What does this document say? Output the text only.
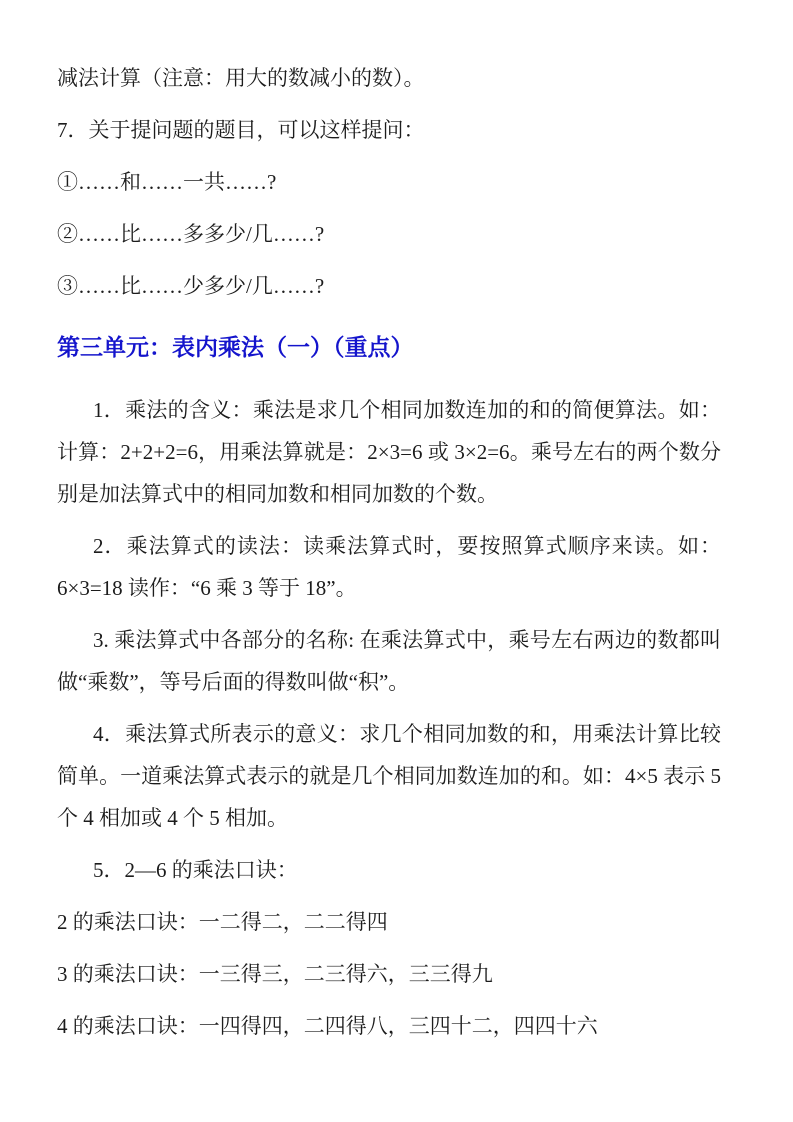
减法计算（注意：用大的数减小的数）。

7．关于提问题的题目，可以这样提问：

①……和……一共……?

②……比……多多少/几……?

③……比……少多少/几……?

第三单元：表内乘法（一）（重点）

1．乘法的含义：乘法是求几个相同加数连加的和的简便算法。如：计算：2+2+2=6，用乘法算就是：2×3=6 或 3×2=6。乘号左右的两个数分别是加法算式中的相同加数和相同加数的个数。

2．乘法算式的读法：读乘法算式时，要按照算式顺序来读。如：6×3=18 读作：“6 乘 3 等于 18”。

3. 乘法算式中各部分的名称: 在乘法算式中，乘号左右两边的数都叫做“乘数”，等号后面的得数叫做“积”。

4．乘法算式所表示的意义：求几个相同加数的和，用乘法计算比较简单。一道乘法算式表示的就是几个相同加数连加的和。如：4×5 表示 5 个 4 相加或 4 个 5 相加。

5．2—6 的乘法口诀：

2 的乘法口诀：一二得二，二二得四

3 的乘法口诀：一三得三，二三得六，三三得九

4 的乘法口诀：一四得四，二四得八，三四十二，四四十六
